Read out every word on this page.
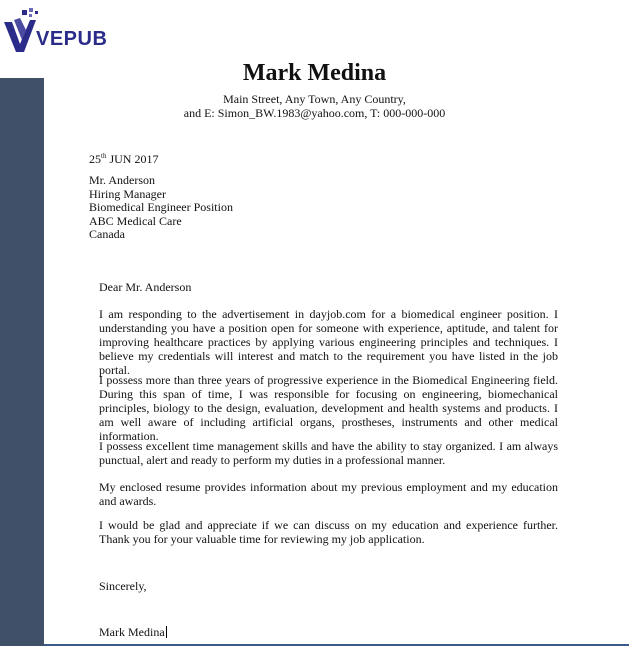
VEPUB
Mark Medina
Main Street, Any Town, Any Country,
and E: Simon_BW.1983@yahoo.com, T: 000-000-000
25th JUN 2017
Mr. Anderson
Hiring Manager
Biomedical Engineer Position
ABC Medical Care
Canada
Dear Mr. Anderson
I am responding to the advertisement in dayjob.com for a biomedical engineer position. I understanding you have a position open for someone with experience, aptitude, and talent for improving healthcare practices by applying various engineering principles and techniques. I believe my credentials will interest and match to the requirement you have listed in the job portal.
I possess more than three years of progressive experience in the Biomedical Engineering field. During this span of time, I was responsible for focusing on engineering, biomechanical principles, biology to the design, evaluation, development and health systems and products. I am well aware of including artificial organs, prostheses, instruments and other medical information.
I possess excellent time management skills and have the ability to stay organized. I am always punctual, alert and ready to perform my duties in a professional manner.
My enclosed resume provides information about my previous employment and my education and awards.
I would be glad and appreciate if we can discuss on my education and experience further. Thank you for your valuable time for reviewing my job application.
Sincerely,
Mark Medina
